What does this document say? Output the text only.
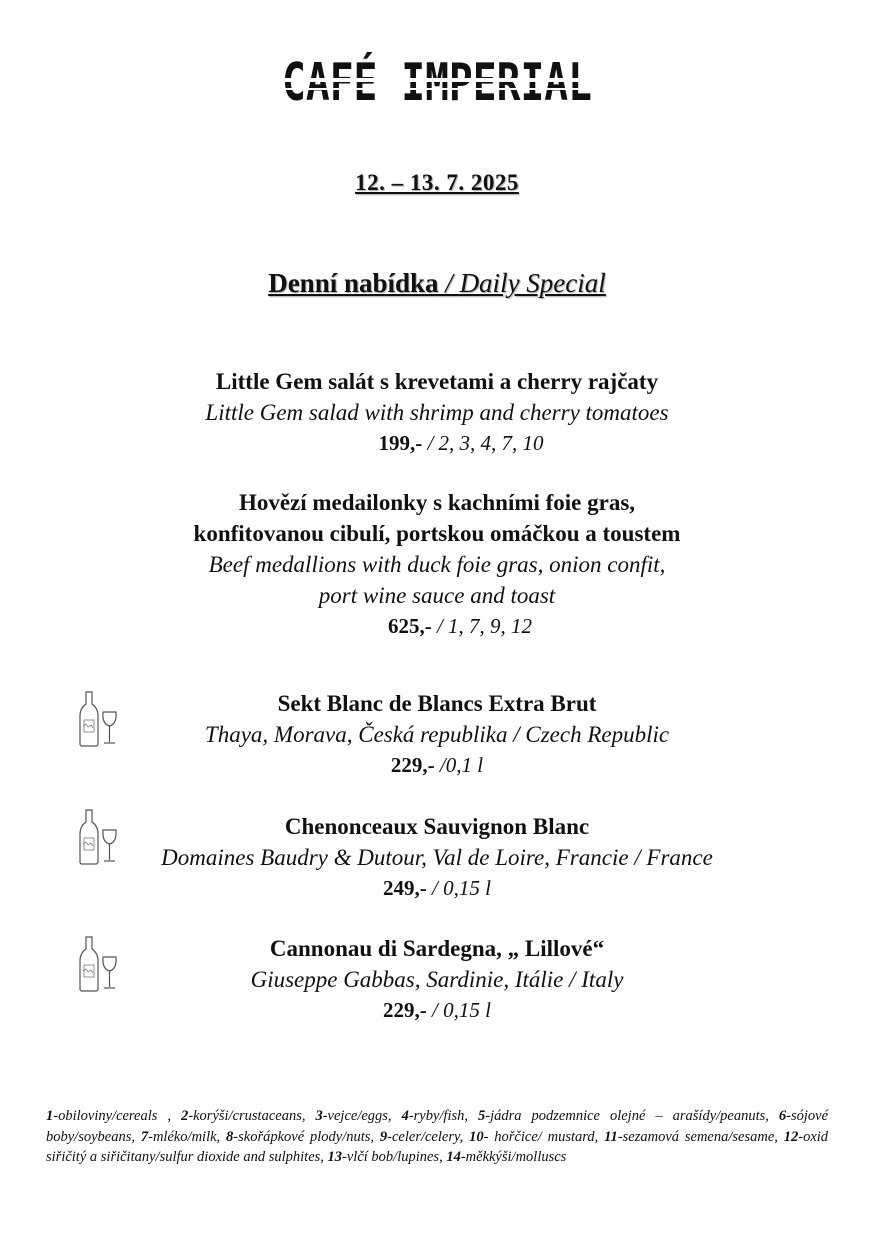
CAFÉ IMPERIAL
12. – 13. 7. 2025
Denní nabídka / Daily Special
Little Gem salát s krevetami a cherry rajčaty
Little Gem salad with shrimp and cherry tomatoes
199,- / 2, 3, 4, 7, 10
Hovězí medailonky s kachními foie gras,
konfitovanou cibulí, portskou omáčkou a toustem
Beef medallions with duck foie gras, onion confit,
port wine sauce and toast
625,- / 1, 7, 9, 12
Sekt Blanc de Blancs Extra Brut
Thaya, Morava, Česká republika / Czech Republic
229,- /0,1 l
Chenonceaux Sauvignon Blanc
Domaines Baudry & Dutour, Val de Loire, Francie / France
249,- / 0,15 l
Cannonau di Sardegna, „ Lillové“
Giuseppe Gabbas, Sardinie, Itálie / Italy
229,- / 0,15 l
1-obiloviny/cereals , 2-korýši/crustaceans, 3-vejce/eggs, 4-ryby/fish, 5-jádra podzemnice olejné – arašídy/peanuts, 6-sójové boby/soybeans, 7-mléko/milk, 8-skořápkové plody/nuts, 9-celer/celery, 10- hořčice/ mustard, 11-sezamová semena/sesame, 12-oxid siřičitý a siřičitany/sulfur dioxide and sulphites, 13-vlčí bob/lupines, 14-měkkýši/molluscs
